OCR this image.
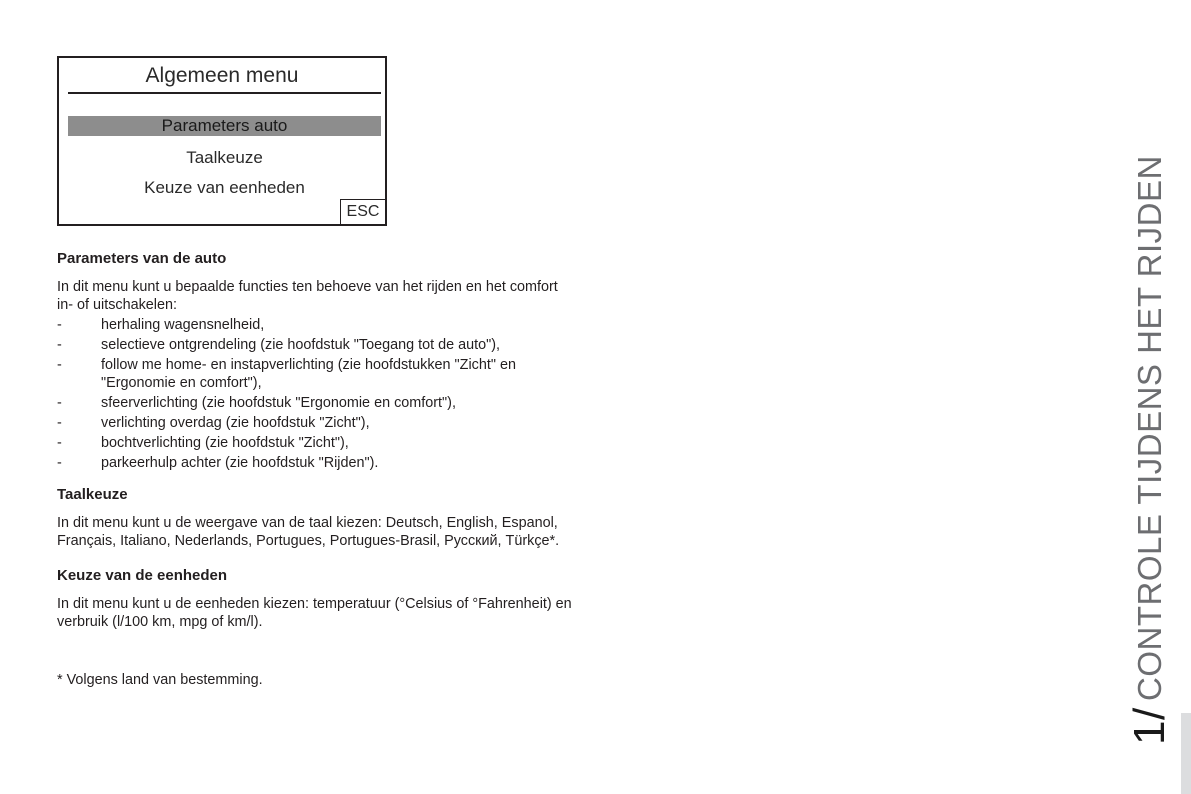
Algemeen menu
Parameters auto
Taalkeuze
Keuze van eenheden
ESC
Parameters van de auto
In dit menu kunt u bepaalde functies ten behoeve van het rijden en het comfort in- of uitschakelen:
-	herhaling wagensnelheid,
-	selectieve ontgrendeling (zie hoofdstuk "Toegang tot de auto"),
-	follow me home- en instapverlichting (zie hoofdstukken "Zicht" en "Ergonomie en comfort"),
-	sfeerverlichting (zie hoofdstuk "Ergonomie en comfort"),
-	verlichting overdag (zie hoofdstuk "Zicht"),
-	bochtverlichting (zie hoofdstuk "Zicht"),
-	parkeerhulp achter (zie hoofdstuk "Rijden").
Taalkeuze
In dit menu kunt u de weergave van de taal kiezen: Deutsch, English, Espanol, Français, Italiano, Nederlands, Portugues, Portugues-Brasil, Русский, Türkçe*.
Keuze van de eenheden
In dit menu kunt u de eenheden kiezen: temperatuur (°Celsius of °Fahrenheit) en verbruik (l/100 km, mpg of km/l).
* Volgens land van bestemming.
1/CONTROLE TIJDENS HET RIJDEN
